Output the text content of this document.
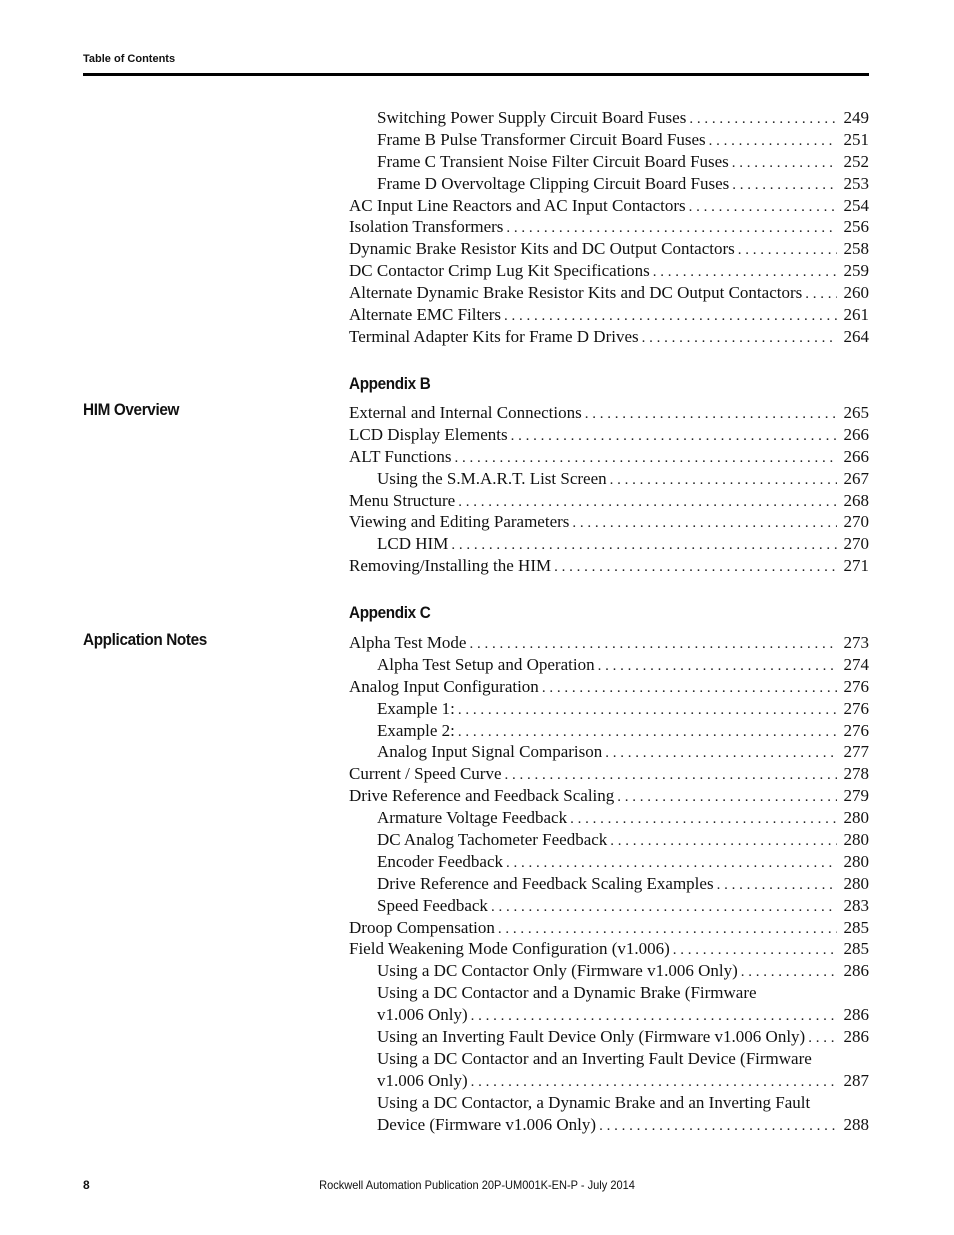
Table of Contents
Switching Power Supply Circuit Board Fuses . . .	249
Frame B Pulse Transformer Circuit Board Fuses . . .	251
Frame C Transient Noise Filter Circuit Board Fuses . . .	252
Frame D Overvoltage Clipping Circuit Board Fuses . . .	253
AC Input Line Reactors and AC Input Contactors . . .	254
Isolation Transformers . . .	256
Dynamic Brake Resistor Kits and DC Output Contactors . . .	258
DC Contactor Crimp Lug Kit Specifications . . .	259
Alternate Dynamic Brake Resistor Kits and DC Output Contactors . . . 260
Alternate EMC Filters . . .	261
Terminal Adapter Kits for Frame D Drives . . .	264
Appendix B
HIM Overview	External and Internal Connections . . .	265
LCD Display Elements . . .	266
ALT Functions . . .	266
Using the S.M.A.R.T. List Screen . . .	267
Menu Structure . . .	268
Viewing and Editing Parameters . . .	270
LCD HIM . . .	270
Removing/Installing the HIM . . .	271
Appendix C
Application Notes	Alpha Test Mode . . .	273
Alpha Test Setup and Operation . . .	274
Analog Input Configuration . . .	276
Example 1: . . .	276
Example 2: . . .	276
Analog Input Signal Comparison . . .	277
Current / Speed Curve . . .	278
Drive Reference and Feedback Scaling . . .	279
Armature Voltage Feedback . . .	280
DC Analog Tachometer Feedback . . .	280
Encoder Feedback . . .	280
Drive Reference and Feedback Scaling Examples . . .	280
Speed Feedback . . .	283
Droop Compensation . . .	285
Field Weakening Mode Configuration (v1.006) . . .	285
Using a DC Contactor Only (Firmware v1.006 Only) . . .	286
Using a DC Contactor and a Dynamic Brake (Firmware
v1.006 Only) . . .	286
Using an Inverting Fault Device Only (Firmware v1.006 Only) . . . 286
Using a DC Contactor and an Inverting Fault Device (Firmware
v1.006 Only) . . .	287
Using a DC Contactor, a Dynamic Brake and an Inverting Fault
Device (Firmware v1.006 Only) . . .	288
8	Rockwell Automation Publication 20P-UM001K-EN-P - July 2014
